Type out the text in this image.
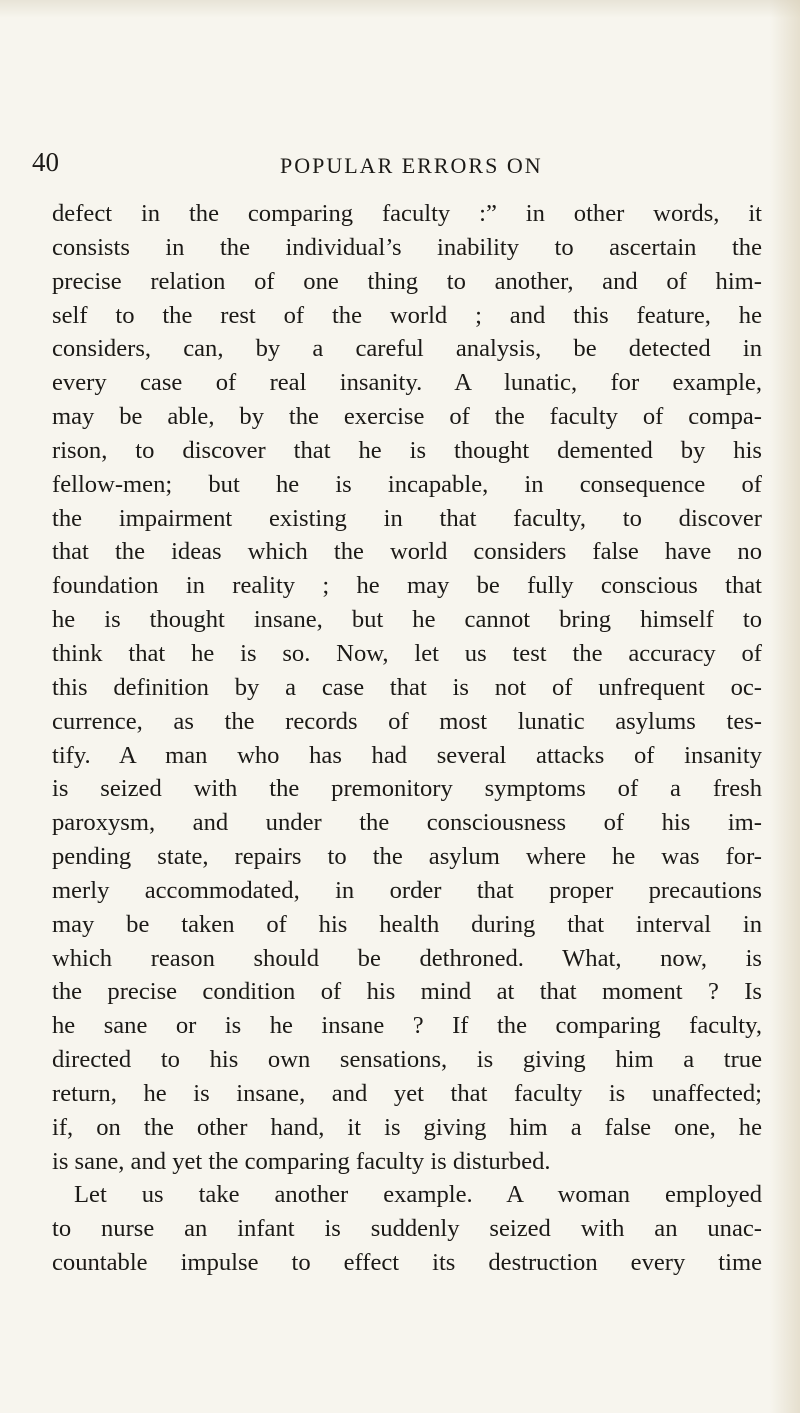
40	POPULAR ERRORS ON
defect in the comparing faculty :” in other words, it
consists in the individual’s inability to ascertain the
precise relation of one thing to another, and of him-
self to the rest of the world ; and this feature, he
considers, can, by a careful analysis, be detected in
every case of real insanity. A lunatic, for example,
may be able, by the exercise of the faculty of compa-
rison, to discover that he is thought demented by his
fellow-men; but he is incapable, in consequence of
the impairment existing in that faculty, to discover
that the ideas which the world considers false have no
foundation in reality ; he may be fully conscious that
he is thought insane, but he cannot bring himself to
think that he is so. Now, let us test the accuracy of
this definition by a case that is not of unfrequent oc-
currence, as the records of most lunatic asylums tes-
tify. A man who has had several attacks of insanity
is seized with the premonitory symptoms of a fresh
paroxysm, and under the consciousness of his im-
pending state, repairs to the asylum where he was for-
merly accommodated, in order that proper precautions
may be taken of his health during that interval in
which reason should be dethroned. What, now, is
the precise condition of his mind at that moment ? Is
he sane or is he insane ? If the comparing faculty,
directed to his own sensations, is giving him a true
return, he is insane, and yet that faculty is unaffected;
if, on the other hand, it is giving him a false one, he
is sane, and yet the comparing faculty is disturbed.
Let us take another example. A woman employed
to nurse an infant is suddenly seized with an unac-
countable impulse to effect its destruction every time
